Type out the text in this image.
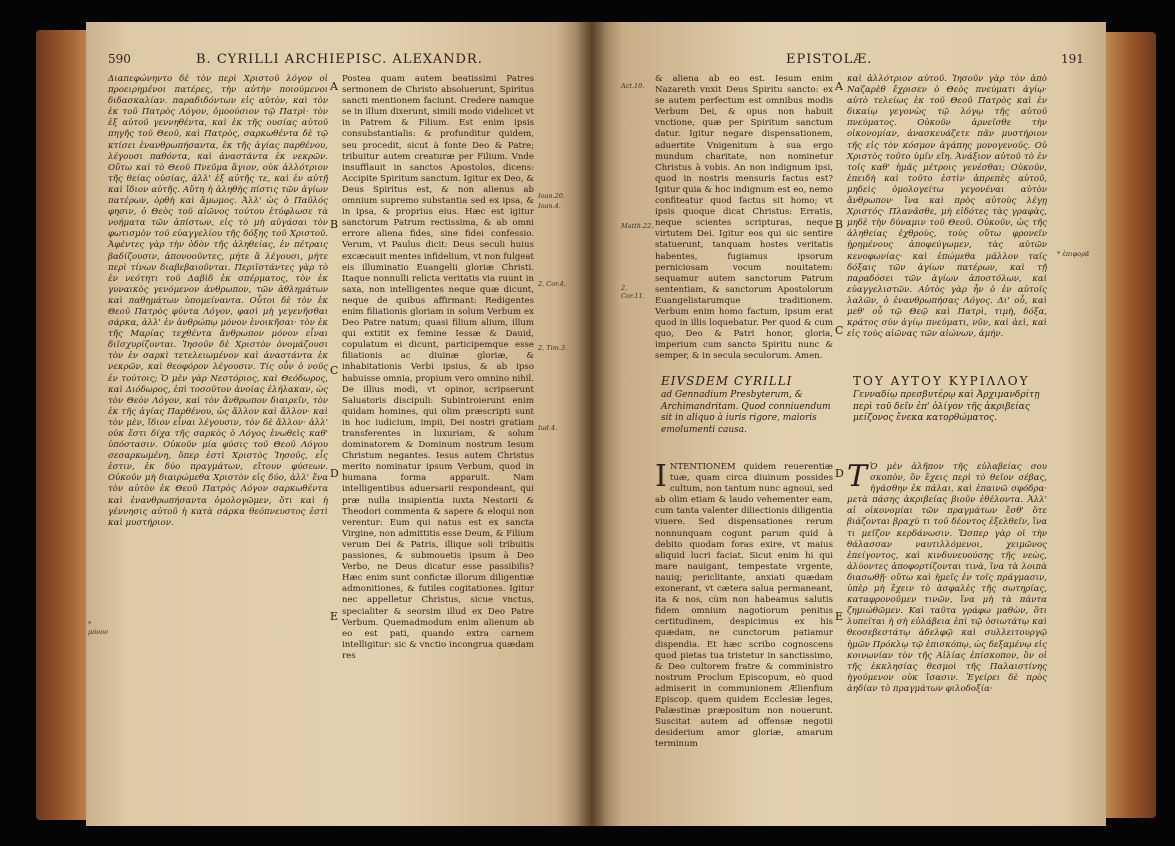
590	B. CYRILLI ARCHIEPISC. ALEXANDR.
Διαπεφώνηντο δὲ τὸν περὶ Χριστοῦ λόγον οἱ προειρημένοι πατέρες, τὴν αὐτὴν ποιούμενοι διδασκαλίαν. παραδιδόντων εἰς αὐτὸν, καὶ τὸν ἐκ τοῦ Πατρὸς Λόγον, ὁμοούσιον τῷ Πατρὶ· τὸν ἐξ αὐτοῦ γεννηθέντα, καὶ ἐκ τῆς ουσίας αὐτοῦ πηγῆς τοῦ Θεοῦ, καὶ Πατρὸς, σαρκωθέντα δὲ τῷ κτίσει ἐνανθρωπήσαντα, ἐκ τῆς ἀγίας παρθένου, λέγουσι παθόντα, καὶ ἀναστάντα ἐκ νεκρῶν. Οὕτω καὶ τὸ Θεοῦ Πνεῦμα ἅγιον, οὐκ ἀλλότριον τῆς θείας οὐσίας, ἀλλ' ἐξ αὐτῆς τε, καὶ ἐν αὐτῇ καὶ ἴδιον αὐτῆς. Αὕτη ἡ ἀληθὴς πίστις τῶν ἁγίων πατέρων, ὀρθὴ καὶ ἄμωμος. Ἀλλ' ὡς ὁ Παῦλός φησιν, ὁ Θεὸς τοῦ αἰῶνος τούτου ἐτύφλωσε τὰ νοήματα τῶν ἀπίστων, εἰς τὸ μὴ αὐγάσαι τὸν φωτισμὸν τοῦ εὐαγγελίου τῆς δόξης τοῦ Χριστοῦ. Ἀφέντες γὰρ τὴν ὁδὸν τῆς ἀληθείας, ἐν πέτραις βαδίζουσιν, ἀπονοοῦντες, μήτε ἃ λέγουσι, μήτε περὶ τίνων διαβεβαιοῦνται. Περιϊστάντες γὰρ τὸ ἐν νεότητι τοῦ Δαβὶδ ἐκ σπέρματος, τὸν ἐκ γυναικὸς γενόμενον ἀνθρωπον, τῶν ἀθλημάτων καὶ παθημάτων ὑπομείναντα. Οὗτοι δὲ τὸν ἐκ Θεοῦ Πατρὸς φύντα Λόγον, φασὶ μὴ γεγενῆσθαι σάρκα, ἀλλ' ἐν ἀνθρώπῳ μόνον ἐνοικῆσαι· τὸν ἐκ τῆς Μαρίας τεχθέντα ἄνθρωπον μόνον εἶναι διϊσχυρίζονται. Ἰησοῦν δὲ Χριστὸν ὀνομάζουσι τὸν ἐν σαρκὶ τετελειωμένον καὶ ἀναστάντα ἐκ νεκρῶν, καὶ θεοφόρον λέγουσιν. Τίς οὖν ὁ νοῦς ἐν τούτοις; Ὁ μὲν γὰρ Νεστόριος, καὶ Θεόδωρος, καὶ Διόδωρος, ἐπὶ τοσοῦτον ἀνοίας ἐλήλακαν, ὡς τὸν Θεὸν Λόγον, καὶ τὸν ἄνθρωπον διαιρεῖν, τὸν ἐκ τῆς ἁγίας Παρθένου, ὡς ἄλλον καὶ ἄλλον· καὶ τὸν μὲν, ἴδιον εἶναι λέγουσιν, τὸν δὲ ἄλλον· ἀλλ' οὐκ ἔστι δίχα τῆς σαρκὸς ὁ Λόγος ἑνωθεὶς καθ' ὑπόστασιν. Οὐκοῦν μία φύσις τοῦ Θεοῦ Λόγου σεσαρκωμένη, ὅπερ ἐστὶ Χριστὸς Ἰησοῦς, εἷς ἐστιν, ἐκ δύο πραγμάτων, εἴτουν φύσεων. Οὐκοῦν μὴ διαιρώμεθα Χριστὸν εἰς δύο, ἀλλ' ἕνα τὸν αὐτὸν ἐκ Θεοῦ Πατρὸς Λόγον σαρκωθέντα καὶ ἐνανθρωπήσαντα ὁμολογῶμεν, ὅτι καὶ ἡ γέννησις αὐτοῦ ἡ κατὰ σάρκα θεόπνευστος ἐστὶ καὶ μυστήριον.
A
B
C
D
E
Postea quam autem beatissimi Patres sermonem de Christo absoluerunt, Spiritus sancti mentionem faciunt. Credere namque se in illum dixerunt, simili modo videlicet vt in Patrem & Filium. Est enim ipsis consubstantialis: & profunditur quidem, seu procedit, sicut à fonte Deo & Patre; tribuitur autem creaturæ per Filium. Vnde insufflauit in sanctos Apostolos, dicens: Accipite Spiritum sanctum. Igitur ex Deo, & Deus Spiritus est, & non alienus ab omnium supremo substantia sed ex ipsa, & in ipsa, & proprius eius. Hæc est igitur sanctorum Patrum rectissima, & ab omni errore aliena fides, sine fidei confessio. Verum, vt Paulus dicit: Deus seculi huius excæcauit mentes infidelium, vt non fulgeat eis illuminatio Euangelii gloriæ Christi. Itaque nonnulli relicta veritatis via ruunt in saxa, non intelligentes neque quæ dicunt, neque de quibus affirmant: Redigentes enim filiationis gloriam in solum Verbum ex Deo Patre natum; quasi filium alium, illum qui extitit ex femine Iessæ & Dauid, copulatum ei dicunt, participemque esse filiationis ac diuinæ gloriæ, & inhabitationis Verbi ipsius, & ab ipso habuisse omnia, propium vero omnino nihil. De illius modi, vt opinor, scripserunt Saluatoris discipuli: Subintroierunt enim quidam homines, qui olim præscripti sunt in hoc iudicium, impii, Dei nostri gratiam transferentes in luxuriam, & solum dominatorem & Dominum nostrum Iesum Christum negantes. Iesus autem Christus merito nominatur ipsum Verbum, quod in humana forma apparuit. Nam intelligentibus aduersarii respondeant, qui præ nulla insipientia iuxta Nestorii & Theodori commenta & sapere & eloqui non verentur: Eum qui natus est ex sancta Virgine, non admittitis esse Deum, & Filium verum Dei & Patris, illique soli tribuitis passiones, & submouetis ipsum à Deo Verbo, ne Deus dicatur esse passibilis? Hæc enim sunt confictæ illorum diligentiæ admonitiones, & futiles cogitationes. Igitur nec appelletur Christus, sicue vnctus, specialiter & seorsim illud ex Deo Patre Verbum. Quemadmodum enim alienum ab eo est pati, quando extra carnem intelligitur: sic & vnctio incongrua quædam res
Ioan.20.
Ioan.4.
2. Cor.4.
2. Tim.3.
Iud.4.
* μόνον
EPISTOLÆ.	191
Act.10.
Matth.22.
2. Cor.11.
* ἐπιφορᾶ
& aliena ab eo est. Iesum enim Nazareth vnxit Deus Spiritu sancto: ex se autem perfectum est omnibus modis Verbum Dei, & opus non habuit vnctione, quæ per Spiritum sanctum datur. Igitur negare dispensationem, aduertite Vnigenitum à sua ergo mundum charitate, non nominetur Christus à vobis. An non indignum ipsi, quod in nostris mensuris factus est? Igitur quia & hoc indignum est eo, nemo confiteatur quod factus sit homo; vt ipsis quoque dicat Christus: Erratis, neque scientes scripturas, neque virtutem Dei. Igitur eos qui sic sentire statuerunt, tanquam hostes veritatis habentes, fugiamus ipsorum perniciosam vocum nouitatem: sequamur autem sanctorum Patrum sententiam, & sanctorum Apostolorum Euangelistarumque traditionem. Verbum enim homo factum, ipsum erat quod in illis loquebatur. Per quod & cum quo, Deo & Patri honor, gloria, imperium cum sancto Spiritu nunc & semper, & in secula seculorum. Amen.
A
B
C
καὶ ἀλλότριον αὐτοῦ. Ἰησοῦν γὰρ τὸν ἀπὸ Ναζαρὲθ ἔχρισεν ὁ Θεὸς πνεύματι ἁγίῳ· αὐτὸ τελείως ἐκ τοῦ Θεοῦ Πατρὸς καὶ ἐν δικαίῳ γεγονὼς τῷ λόγῳ τῆς αὐτοῦ πνεύματος. Οὐκοῦν ἀρνεῖσθε τὴν οἰκονομίαν, ἀνασκευάζετε πᾶν μυστήριον τῆς εἰς τὸν κόσμον ἀγάπης μονογενοῦς. Οὐ Χριστὸς τοῦτο ὑμῖν εἴη. Ἀνάξιον αὐτοῦ τὸ ἐν τοῖς καθ' ἡμᾶς μέτροις γενέσθαι; Οὐκοῦν, ἐπειδὴ καὶ τοῦτο ἐστὶν ἀπρεπὲς αὐτοῦ, μηδεὶς ὁμολογείτω γεγονέναι αὐτὸν ἄνθρωπον· ἵνα καὶ πρὸς αὐτοὺς λέγῃ Χριστός· Πλανᾶσθε, μὴ εἰδότες τὰς γραφὰς, μηδὲ τὴν δύναμιν τοῦ Θεοῦ. Οὐκοῦν, ὡς τῆς ἀληθείας ἐχθροὺς, τοὺς οὕτω φρονεῖν ᾑρημένους ἀποφεύγωμεν, τὰς αὐτῶν κενοφωνίας· καὶ ἑπώμεθα μᾶλλον ταῖς δόξαις τῶν ἁγίων πατέρων, καὶ τῇ παραδόσει τῶν ἁγίων ἀποστόλων, καὶ εὐαγγελιστῶν. Αὐτὸς γὰρ ἦν ὁ ἐν αὐτοῖς λαλῶν, ὁ ἐνανθρωπήσας Λόγος. Δι' οὗ, καὶ μεθ' οὗ τῷ Θεῷ καὶ Πατρὶ, τιμὴ, δόξα, κράτος σὺν ἁγίῳ πνεύματι, νῦν, καὶ ἀεὶ, καὶ εἰς τοὺς αἰῶνας τῶν αἰώνων, ἀμήν.
EIVSDEM CYRILLI
ad Gennadium Presbyterum, & Archimandritam. Quod conniuendum sit in aliquo à iuris rigore, maioris emolumenti causa.
ΤΟΥ ΑΥΤΟΥ ΚΥΡΙΛΛΟΥ
Γενναδίῳ πρεσβυτέρῳ καὶ Ἀρχιμανδρίτῃ περὶ τοῦ δεῖν ἐπ' ὀλίγον τῆς ἀκριβείας μείζονος ἕνεκα κατορθώματος.
D
E
INTENTIONEM quidem reuerentiæ tuæ, quam circa diuinum possides cultum, non tantum nunc agnoui, sed ab olim etiam & laudo vehementer eam, cum tanta valenter diliectionis diligentia viuere. Sed dispensationes rerum nonnunquam cogunt parum quid à debito quodam foras exire, vt maius aliquid lucri faciat. Sicut enim hi qui mare nauigant, tempestate vrgente, nauiq; periclitante, anxiati quædam exonerant, vt cætera salua permaneant, ita & nos, cùm non habeamus salutis fidem omnium nagotiorum penitus certitudinem, despicimus ex his quædam, ne cunctorum patiamur dispendia. Et hæc scribo cognoscens quod pietas tua tristetur in sanctissimo, & Deo cultorem fratre & comministro nostrum Proclum Episcopum, eò quod admiserit in communionem Ælienfium Episcop. quem quidem Ecclesiæ leges, Palæstinæ præpositum non nouerunt. Suscitat autem ad offensæ negotii desiderium amor gloriæ, amarum terminum
Τ Ὁ μὲν ἀλῆπον τῆς εὐλαβείας σου σκοπὸν, ὃν ἔχεις περὶ τὸ θεῖον σέβας, ἠγάσθην ἐκ πάλαι, καὶ ἐπαινῶ σφόδρα· μετὰ πάσης ἀκριβείας βιοῦν ἐθέλοντα. Ἀλλ' αἱ οἰκονομίαι τῶν πραγμάτων ἔσθ' ὅτε βιάζονται βραχὺ τι τοῦ δέοντος ἐξελθεῖν, ἵνα τι μεῖζον κερδάνωσιν. Ὥσπερ γὰρ οἱ τὴν θάλασσαν ναυτιλλόμενοι, χειμῶνος ἐπείγοντος, καὶ κινδυνευούσης τῆς νεὼς, ἀλύοντες ἀποφορτίζονται τινὰ, ἵνα τὰ λοιπὰ διασωθῇ· οὕτω καὶ ἡμεῖς ἐν τοῖς πράγμασιν, ὑπὲρ μὴ ἔχειν τὸ ἀσφαλὲς τῆς σωτηρίας, καταφρονοῦμεν τινῶν, ἵνα μὴ τὰ πάντα ζημιώθῶμεν. Καὶ ταῦτα γράφω μαθὼν, ὅτι λυπεῖται ἡ σὴ εὐλάβεια ἐπὶ τῷ ὁσιωτάτῳ καὶ θεοσεβεστάτῳ ἀδελφῷ καὶ συλλειτουργῷ ἡμῶν Πρόκλῳ τῷ ἐπισκόπῳ, ὡς δεξαμένῳ εἰς κοινωνίαν τὸν τῆς Αἰλίας ἐπίσκοπον, ὃν οἱ τῆς ἐκκλησίας θεσμοὶ τῆς Παλαιστίνης ἡγούμενον οὐκ ἴσασιν. Ἐγείρει δὲ πρὸς ἀηδίαν τὸ πραγμάτων φιλοδοξία·
